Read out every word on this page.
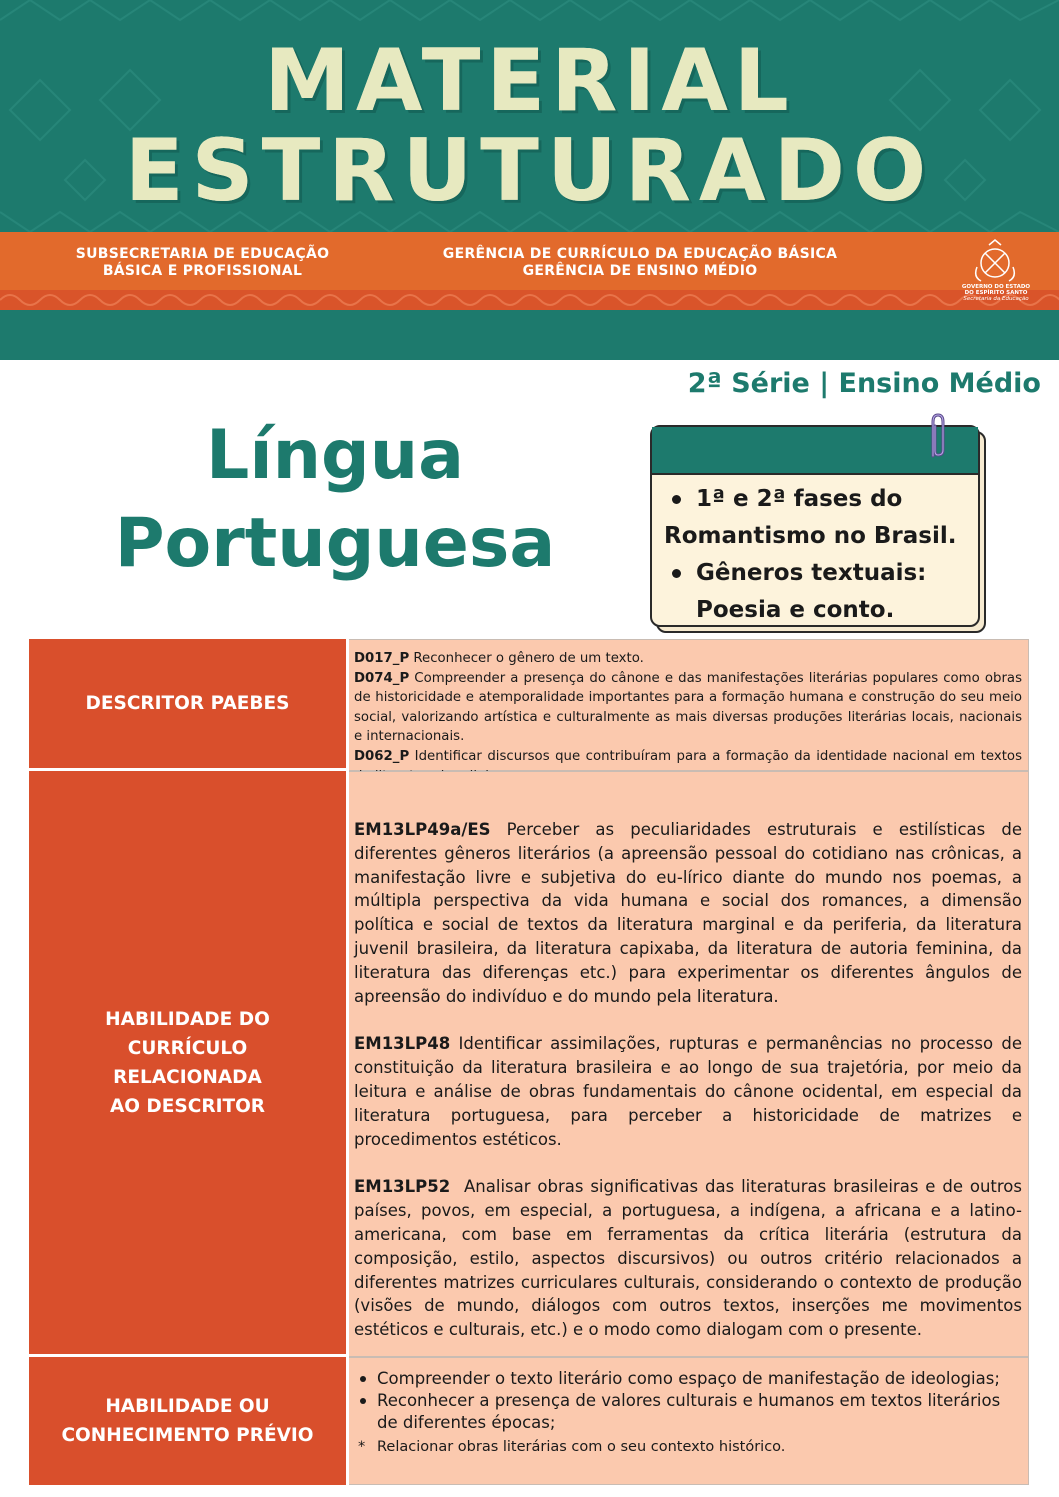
MATERIAL
ESTRUTURADO
SUBSECRETARIA DE EDUCAÇÃO BÁSICA E PROFISSIONAL
GERÊNCIA DE CURRÍCULO DA EDUCAÇÃO BÁSICA
GERÊNCIA DE ENSINO MÉDIO
GOVERNO DO ESTADO
DO ESPÍRITO SANTO
Secretaria da Educação
2ª Série | Ensino Médio
Língua
Portuguesa
1ª e 2ª fases do
Romantismo no Brasil.
Gêneros textuais: Poesia e conto.
DESCRITOR PAEBES
D017_P Reconhecer o gênero de um texto.
D074_P Compreender a presença do cânone e das manifestações literárias populares como obras de historicidade e atemporalidade importantes para a formação humana e construção do seu meio social, valorizando artística e culturalmente as mais diversas produções literárias locais, nacionais e internacionais.
D062_P Identificar discursos que contribuíram para a formação da identidade nacional em textos
HABILIDADE DO
CURRÍCULO
RELACIONADA
AO DESCRITOR

EM13LP49a/ES Perceber as peculiaridades estruturais e estilísticas de diferentes gêneros literários (a apreensão pessoal do cotidiano nas crônicas, a manifestação livre e subjetiva do eu-lírico diante do mundo nos poemas, a múltipla perspectiva da vida humana e social dos romances, a dimensão política e social de textos da literatura marginal e da periferia, da literatura juvenil brasileira, da literatura capixaba, da literatura de autoria feminina, da literatura das diferenças etc.) para experimentar os diferentes ângulos de apreensão do indivíduo e do mundo pela literatura.

EM13LP48 Identificar assimilações, rupturas e permanências no processo de constituição da literatura brasileira e ao longo de sua trajetória, por meio da leitura e análise de obras fundamentais do cânone ocidental, em especial da literatura portuguesa, para perceber a historicidade de matrizes e procedimentos estéticos.

EM13LP52  Analisar obras significativas das literaturas brasileiras e de outros países, povos, em especial, a portuguesa, a indígena, a africana e a latino-americana, com base em ferramentas da crítica literária (estrutura da composição, estilo, aspectos discursivos) ou outros critério relacionados a diferentes matrizes curriculares culturais, considerando o contexto de produção (visões de mundo, diálogos com outros textos, inserções me movimentos estéticos e culturais, etc.) e o modo como dialogam com o presente.

HABILIDADE OU
CONHECIMENTO PRÉVIO

Compreender o texto literário como espaço de manifestação de ideologias;

Reconhecer a presença de valores culturais e humanos em textos literários de diferentes épocas;

* Relacionar obras literárias com o seu contexto histórico.
